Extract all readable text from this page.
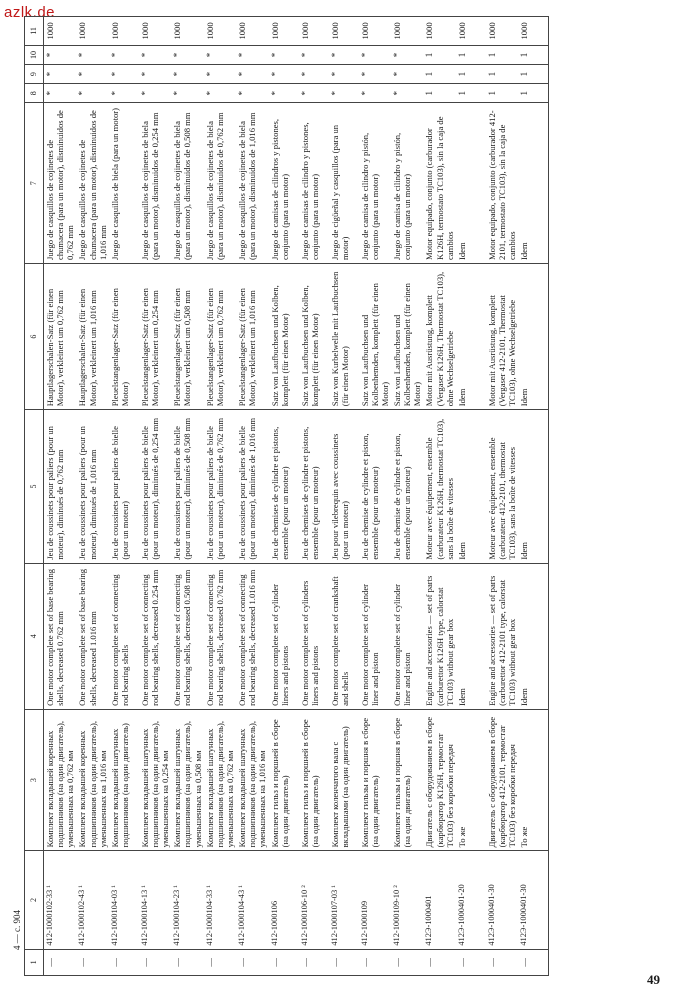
azlk.de
4 — с. 904
49
1	2	3	4	5	6	7	8	9	10	11
—	412-1000102-33 ¹	Комплект вкладышей коренных подшипников (на один двигатель), уменьшенных на 0,762 мм	One motor complete set of base bearing shells, decreased 0.762 mm	Jeu de coussinets pour paliers (pour un moteur), diminués de 0,762 mm	Hauptlagerschalen-Satz (für einen Motor), verkleinert um 0,762 mm	Juego de casquillos de cojinetes de chumacera (para un motor), disminuidos de 0,762 mm	*	*	*	1000
—	412-1000102-43 ¹	Комплект вкладышей коренных подшипников (на один двигатель), уменьшенных на 1,016 мм	One motor complete set of base bearing shells, decreased 1.016 mm	Jeu de coussinets pour paliers (pour un moteur), diminués de 1,016 mm	Hauptlagerschalen-Satz (für einen Motor), verkleinert um 1,016 mm	Juego de casquillos de cojinetes de chumacera (para un motor), disminuidos de 1,016 mm	*	*	*	1000
—	412-1000104-03 ¹	Комплект вкладышей шатунных подшипников (на один двигатель)	One motor complete set of connecting rod bearing shells	Jeu de coussinets pour paliers de bielle (pour un moteur)	Pleuelstangenlager-Satz (für einen Motor)	Juego de casquillos de biela (para un motor)	*	*	*	1000
—	412-1000104-13 ¹	Комплект вкладышей шатунных подшипников (на один двигатель), уменьшенных на 0,254 мм	One motor complete set of connecting rod bearing shells, decreased 0.254 mm	Jeu de coussinets pour paliers de bielle (pour un moteur), diminués de 0,254 mm	Pleuelstangenlager-Satz (für einen Motor), verkleinert um 0,254 mm	Juego de casquillos de cojinetes de biela (para un motor), disminuidos de 0,254 mm	*	*	*	1000
—	412-1000104-23 ¹	Комплект вкладышей шатунных подшипников (на один двигатель), уменьшенных на 0,508 мм	One motor complete set of connecting rod bearing shells, decreased 0.508 mm	Jeu de coussinets pour paliers de bielle (pour un moteur), diminués de 0,508 mm	Pleuelstangenlager-Satz (für einen Motor), verkleinert um 0,508 mm	Juego de casquillos de cojinetes de biela (para un motor), disminuidos de 0,508 mm	*	*	*	1000
—	412-1000104-33 ¹	Комплект вкладышей шатунных подшипников (на один двигатель), уменьшенных на 0,762 мм	One motor complete set of connecting rod bearing shells, decreased 0.762 mm	Jeu de coussinets pour paliers de bielle (pour un moteur), diminués de 0,762 mm	Pleuelstangenlager-Satz (für einen Motor), verkleinert um 0,762 mm	Juego de casquillos de cojinetes de biela (para un motor), disminuidos de 0,762 mm	*	*	*	1000
—	412-1000104-43 ¹	Комплект вкладышей шатунных подшипников (на один двигатель), уменьшенных на 1,016 мм	One motor complete set of connecting rod bearing shells, decreased 1.016 mm	Jeu de coussinets pour paliers de bielle (pour un moteur), diminués de 1,016 mm	Pleuelstangenlager-Satz (für einen Motor), verkleinert um 1,016 mm	Juego de casquillos de cojinetes de biela (para un motor), disminuidos de 1,016 mm	*	*	*	1000
—	412-1000106	Комплект гильз и поршней в сборе (на один двигатель)	One motor complete set of cylinder liners and pistons	Jeu de chemises de cylindre et pistons, ensemble (pour un moteur)	Satz von Laufbuchsen und Kolben, komplett (für einen Motor)	Juego de camisas de cilindros y pistones, conjunto (para un motor)	*	*	*	1000
—	412-1000106-10 ²	Комплект гильз и поршней в сборе (на один двигатель)	One motor complete set of cylinders liners and pistons	Jeu de chemises de cylindre et pistons, ensemble (pour un moteur)	Satz von Laufbuchsen und Kolben, komplett (für einen Motor)	Juego de camisas de cilindro y pistones, conjunto (para un motor)	*	*	*	1000
—	412-1000107-03 ¹	Комплект коленчатого вала с вкладышами (на один двигатель)	One motor complete set of crankshaft and shells	Jeu pour vilebrequin avec coussinets (pour un moteur)	Satz von Kurbelwelle mit Laufbuchsen (für einen Motor)	Juego de cigüeñal y casquillos (para un motor)	*	*	*	1000
—	412-1000109	Комплект гильзы и поршня в сборе (на один двигатель)	One motor complete set of cylinder liner and piston	Jeu de chemise de cylindre et piston, ensemble (pour un moteur)	Satz von Laufbuchsen und Kolbenhemden, komplett (für einen Motor)	Juego de camisa de cilindro y pistón, conjunto (para un motor)	*	*	*	1000
—	412-1000109-10 ²	Комплект гильзы и поршня в сборе (на один двигатель)	One motor complete set of cylinder liner and piston	Jeu de chemise de cylindre et piston, ensemble (pour un moteur)	Satz von Laufbuchsen und Kolbenhemden, komplett (für einen Motor)	Juego de camisa de cilindro y pistón, conjunto (para un motor)	*	*	*	1000
—	412Э-1000401	Двигатель с оборудованием в сборе (карбюратор К126Н, термостат ТС103) без коробки передач	Engine and accessories — set of parts (carburettor K126H type, calorstat TC103) without gear box	Moteur avec équipement, ensemble (carburateur K126H, thermostat TC103), sans la boîte de vitesses	Motor mit Ausrüstung, komplett (Vergaser K126H, Thermostat TC103), ohne Wechselgetriebe	Motor equipado, conjunto (carburador K126H, termostato TC103), sin la caja de cambios	1	1	1	1000
—	412Э-1000401-20	То же	Idem	Idem	Idem	Idem	1	1	1	1000
—	412Э-1000401-30	Двигатель с оборудованием в сборе (карбюратор 412-2101, термостат ТС103) без коробки передач	Engine and accessories — set of parts (carburettor 412-2101 type, calorstat TC103) without gear box	Moteur avec équipement, ensemble (carburateur 412-2101, thermostat TC103), sans la boîte de vitesses	Motor mit Ausrüstung, komplett (Vergaser 412-2101, Thermostat TC103), ohne Wechselgetriebe	Motor equipado, conjunto (carburador 412-2101, termostato TC103), sin la caja de cambios	1	1	1	1000
—	412Э-1000401-30	То же	Idem	Idem	Idem	Idem	1	1	1	1000
